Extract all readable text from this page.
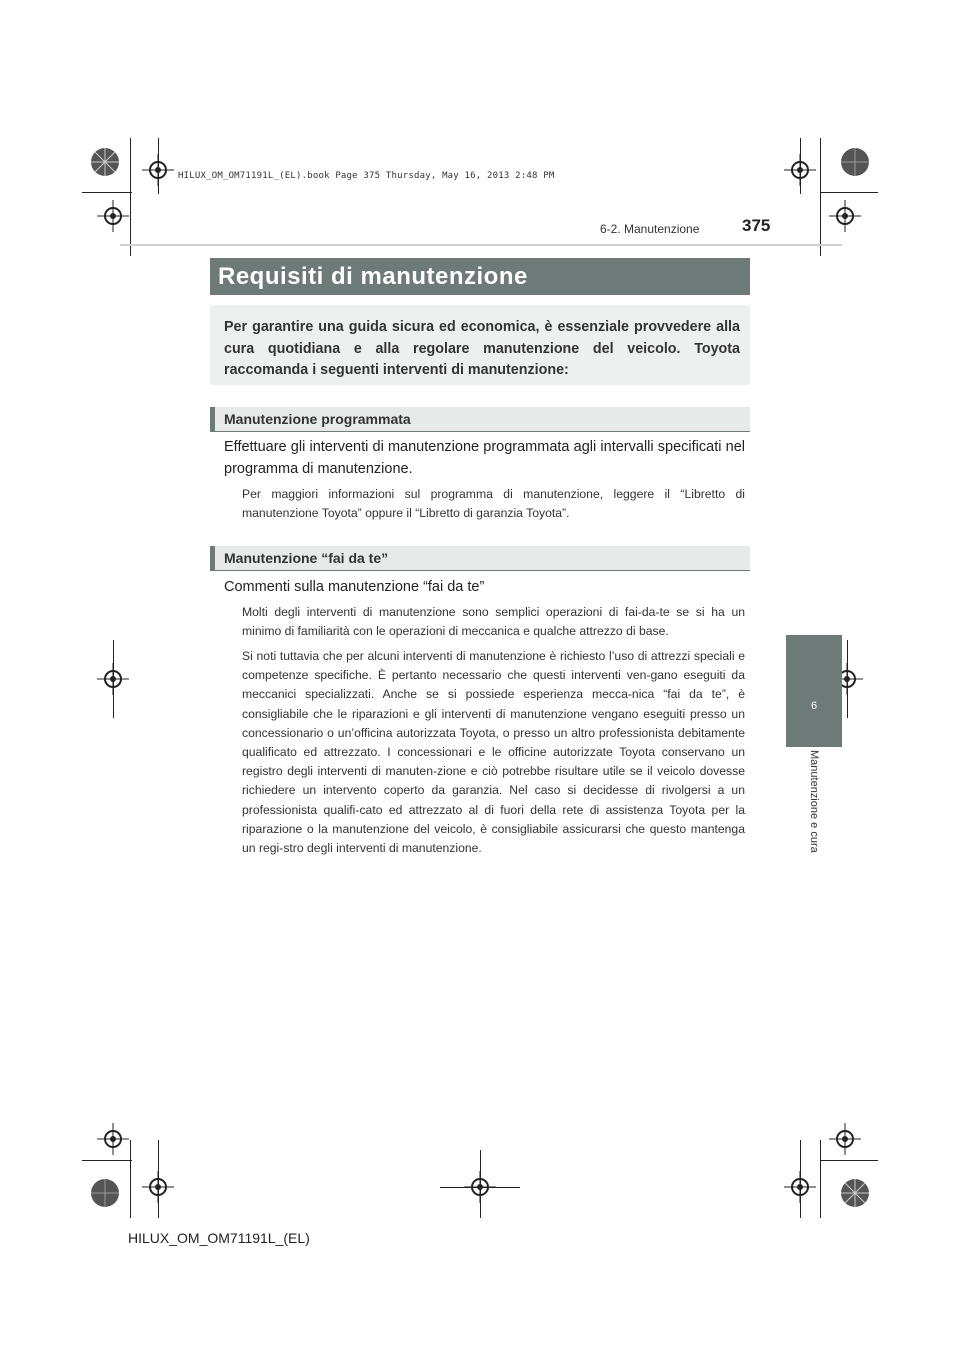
HILUX_OM_OM71191L_(EL).book Page 375 Thursday, May 16, 2013 2:48 PM
6-2. Manutenzione	375
6
Manutenzione e cura
Requisiti di manutenzione

Per garantire una guida sicura ed economica, è essenziale provvedere alla cura quotidiana e alla regolare manutenzione del veicolo. Toyota raccomanda i seguenti interventi di manutenzione:

Manutenzione programmata

Effettuare gli interventi di manutenzione programmata agli intervalli specificati nel programma di manutenzione.

Per maggiori informazioni sul programma di manutenzione, leggere il “Libretto di manutenzione Toyota” oppure il “Libretto di garanzia Toyota”.

Manutenzione “fai da te”

Commenti sulla manutenzione “fai da te”

Molti degli interventi di manutenzione sono semplici operazioni di fai-da-te se si ha un minimo di familiarità con le operazioni di meccanica e qualche attrezzo di base.

Si noti tuttavia che per alcuni interventi di manutenzione è richiesto l’uso di attrezzi speciali e competenze specifiche. È pertanto necessario che questi interventi ven-gano eseguiti da meccanici specializzati. Anche se si possiede esperienza mecca-nica “fai da te”, è consigliabile che le riparazioni e gli interventi di manutenzione vengano eseguiti presso un concessionario o un’officina autorizzata Toyota, o presso un altro professionista debitamente qualificato ed attrezzato. I concessionari e le officine autorizzate Toyota conservano un registro degli interventi di manuten-zione e ciò potrebbe risultare utile se il veicolo dovesse richiedere un intervento coperto da garanzia. Nel caso si decidesse di rivolgersi a un professionista qualifi-cato ed attrezzato al di fuori della rete di assistenza Toyota per la riparazione o la manutenzione del veicolo, è consigliabile assicurarsi che questo mantenga un regi-stro degli interventi di manutenzione.

HILUX_OM_OM71191L_(EL)
